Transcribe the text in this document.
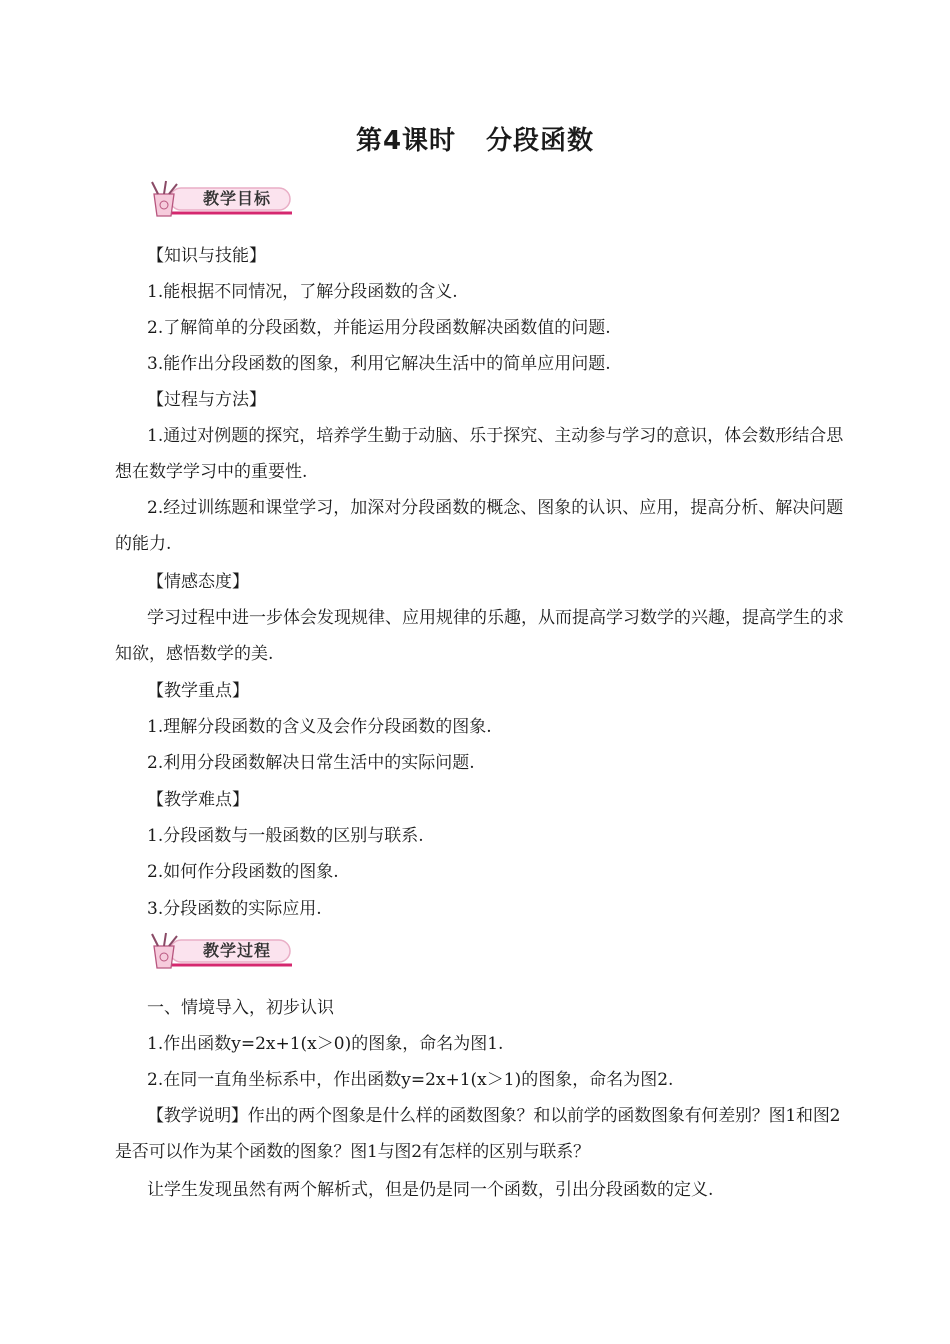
第4课时 分段函数
教学目标
【知识与技能】
1.能根据不同情况，了解分段函数的含义.
2.了解简单的分段函数，并能运用分段函数解决函数值的问题.
3.能作出分段函数的图象，利用它解决生活中的简单应用问题.
【过程与方法】
1.通过对例题的探究，培养学生勤于动脑、乐于探究、主动参与学习的意识，体会数形结合思想在数学学习中的重要性.
2.经过训练题和课堂学习，加深对分段函数的概念、图象的认识、应用，提高分析、解决问题的能力.
【情感态度】
学习过程中进一步体会发现规律、应用规律的乐趣，从而提高学习数学的兴趣，提高学生的求知欲，感悟数学的美.
【教学重点】
1.理解分段函数的含义及会作分段函数的图象.
2.利用分段函数解决日常生活中的实际问题.
【教学难点】
1.分段函数与一般函数的区别与联系.
2.如何作分段函数的图象.
3.分段函数的实际应用.
教学过程
一、情境导入，初步认识
1.作出函数y=2x+1(x＞0)的图象，命名为图1.
2.在同一直角坐标系中，作出函数y=2x+1(x＞1)的图象，命名为图2.
【教学说明】作出的两个图象是什么样的函数图象？和以前学的函数图象有何差别？图1和图2是否可以作为某个函数的图象？图1与图2有怎样的区别与联系？
让学生发现虽然有两个解析式，但是仍是同一个函数，引出分段函数的定义.
